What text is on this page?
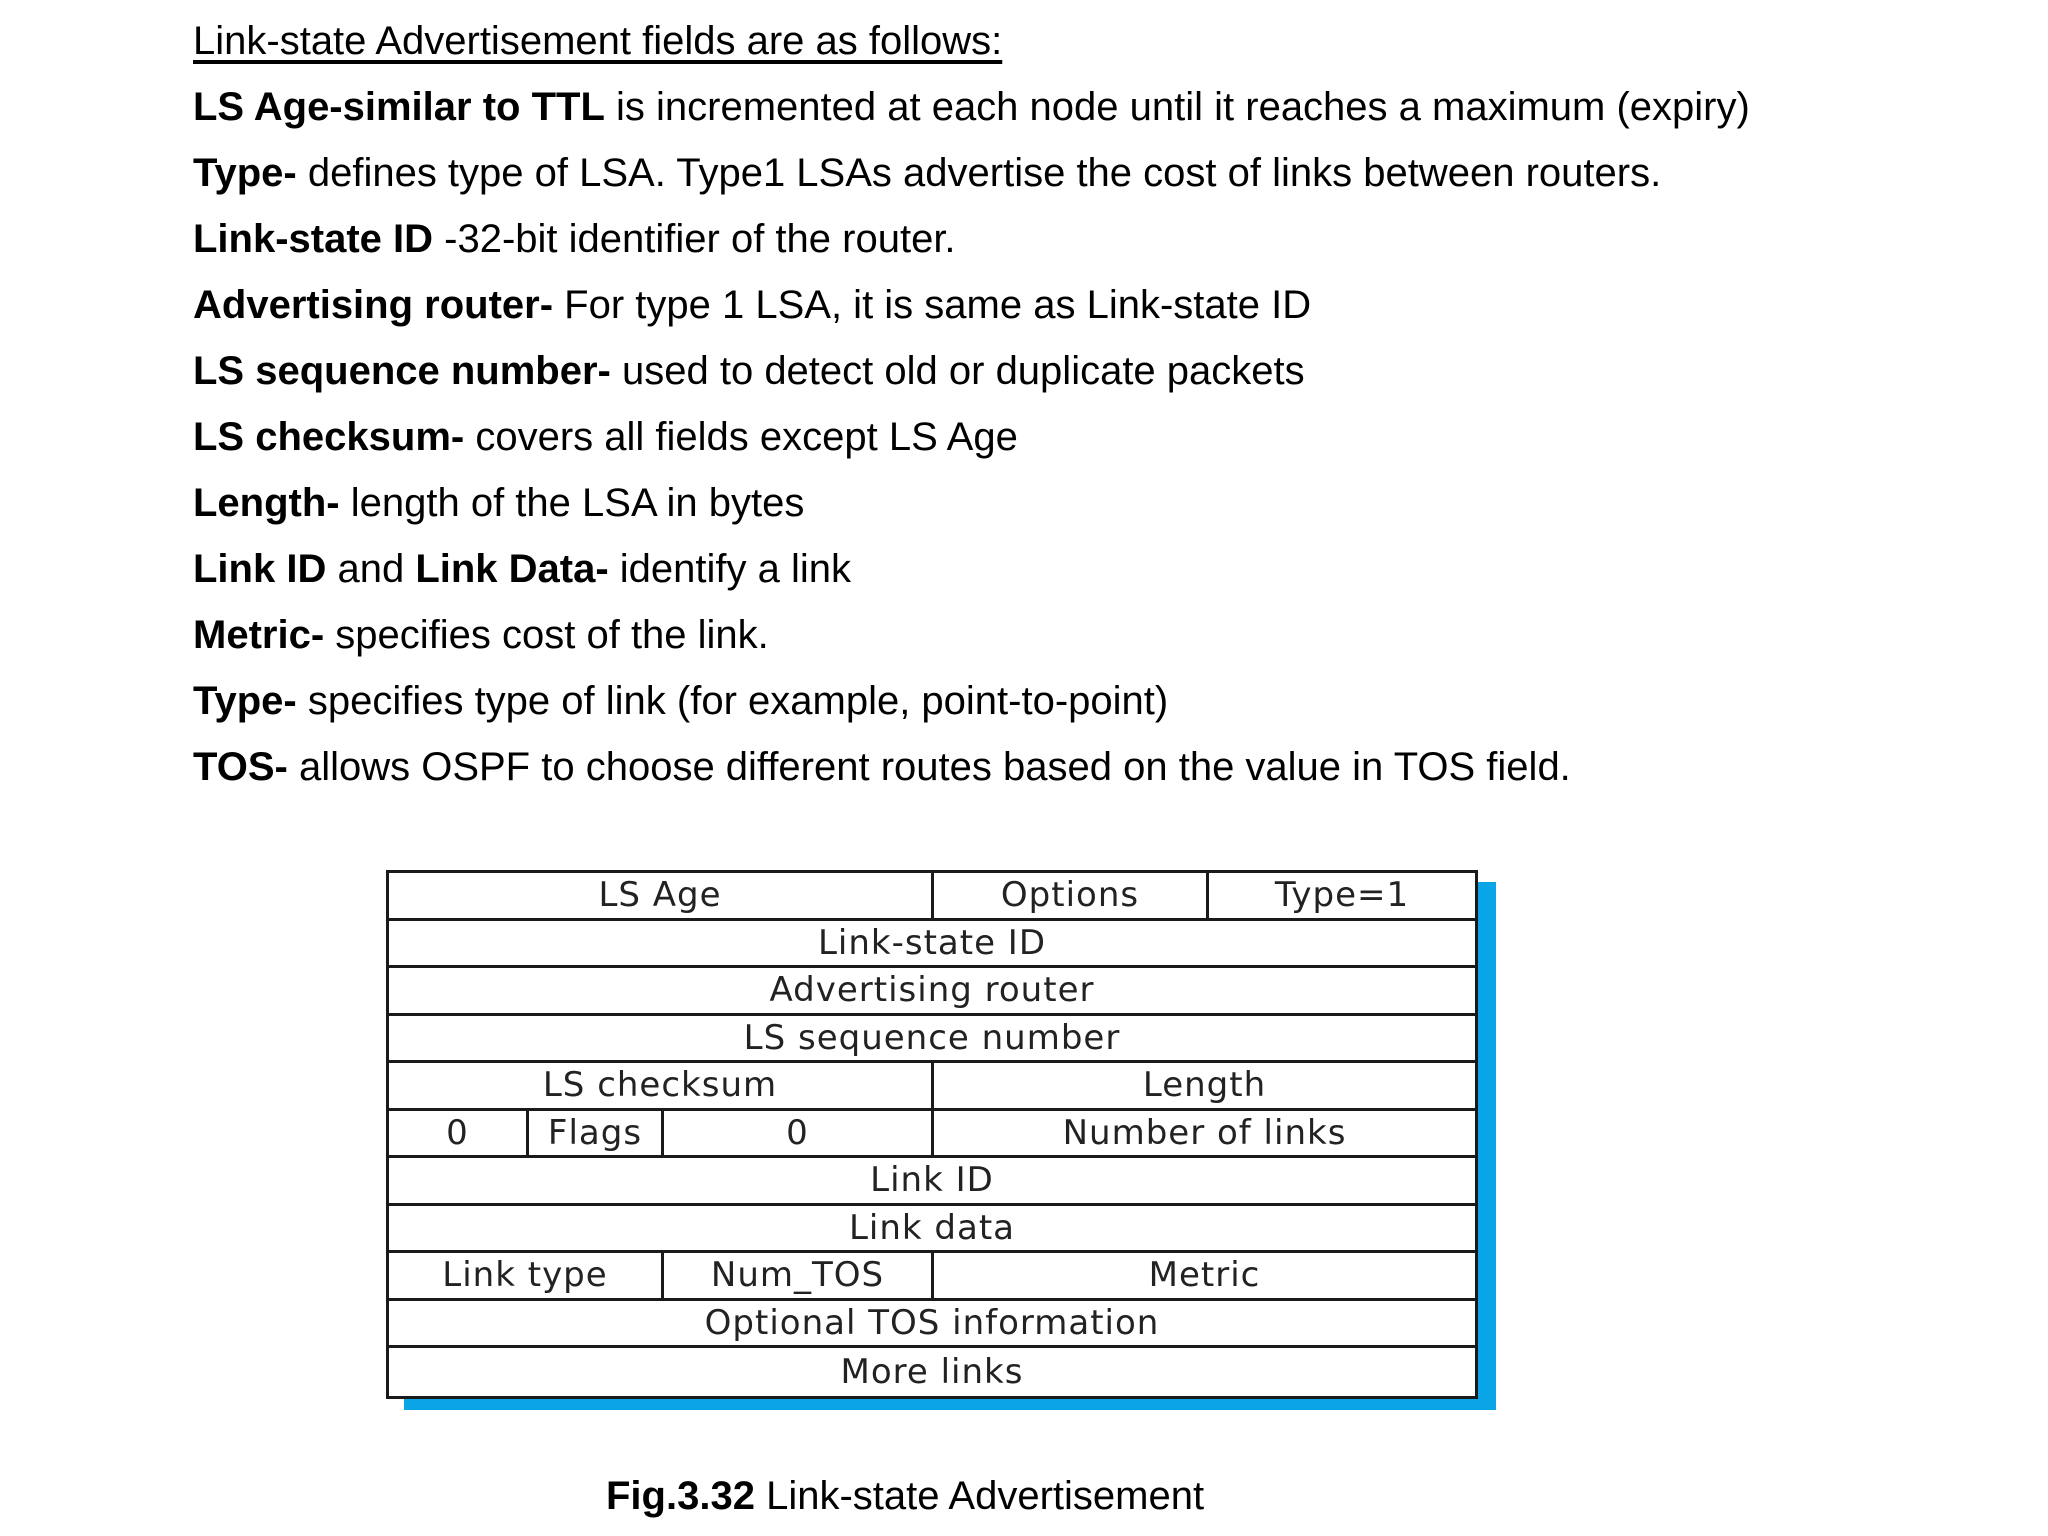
Link-state Advertisement fields are as follows:
LS Age-similar to TTL is incremented at each node until it reaches a maximum (expiry)
Type- defines type of LSA. Type1 LSAs advertise the cost of links between routers.
Link-state ID -32-bit identifier of the router.
Advertising router- For type 1 LSA, it is same as Link-state ID
LS sequence number- used to detect old or duplicate packets
LS checksum- covers all fields except LS Age
Length- length of the LSA in bytes
Link ID and Link Data- identify a link
Metric- specifies cost of the link.
Type- specifies type of link (for example, point-to-point)
TOS- allows OSPF to choose different routes based on the value in TOS field.
LS Age	Options	Type=1
Link-state ID
Advertising router
LS sequence number
LS checksum	Length
0	Flags	0	Number of links
Link ID
Link data
Link type	Num_TOS	Metric
Optional TOS information
More links
Fig.3.32 Link-state Advertisement
